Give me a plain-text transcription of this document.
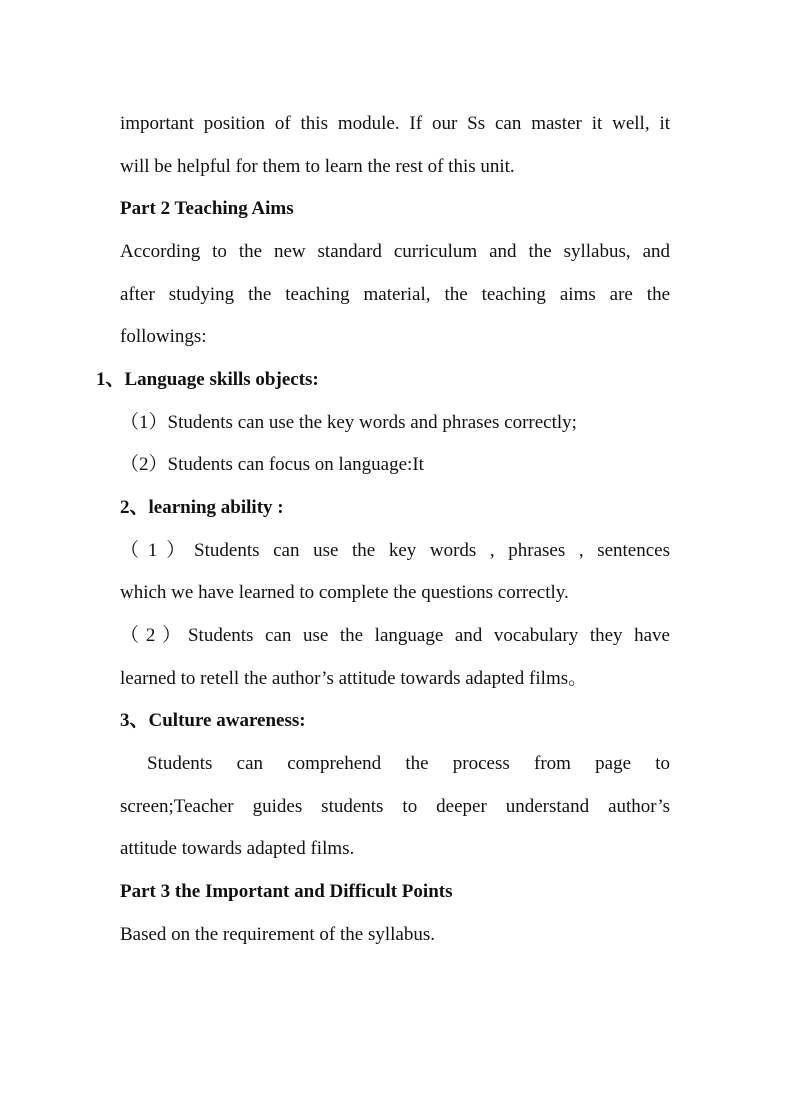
important position of this module. If our Ss can master it well, it
will be helpful for them to learn the rest of this unit.
Part 2 Teaching Aims
According to the new standard curriculum and the syllabus, and
after studying the teaching material, the teaching aims are the
followings:
1、Language skills objects:
（1）Students can use the key words and phrases correctly;
（2）Students can focus on language:It
2、learning ability :
（1）Students can use the key words , phrases , sentences
which we have learned to complete the questions correctly.
（2）Students can use the language and vocabulary they have
learned to retell the author’s attitude towards adapted films。
3、Culture awareness:
Students can comprehend the process from page to
screen;Teacher guides students to deeper understand author’s
attitude towards adapted films.
Part 3 the Important and Difficult Points
Based on the requirement of the syllabus.
